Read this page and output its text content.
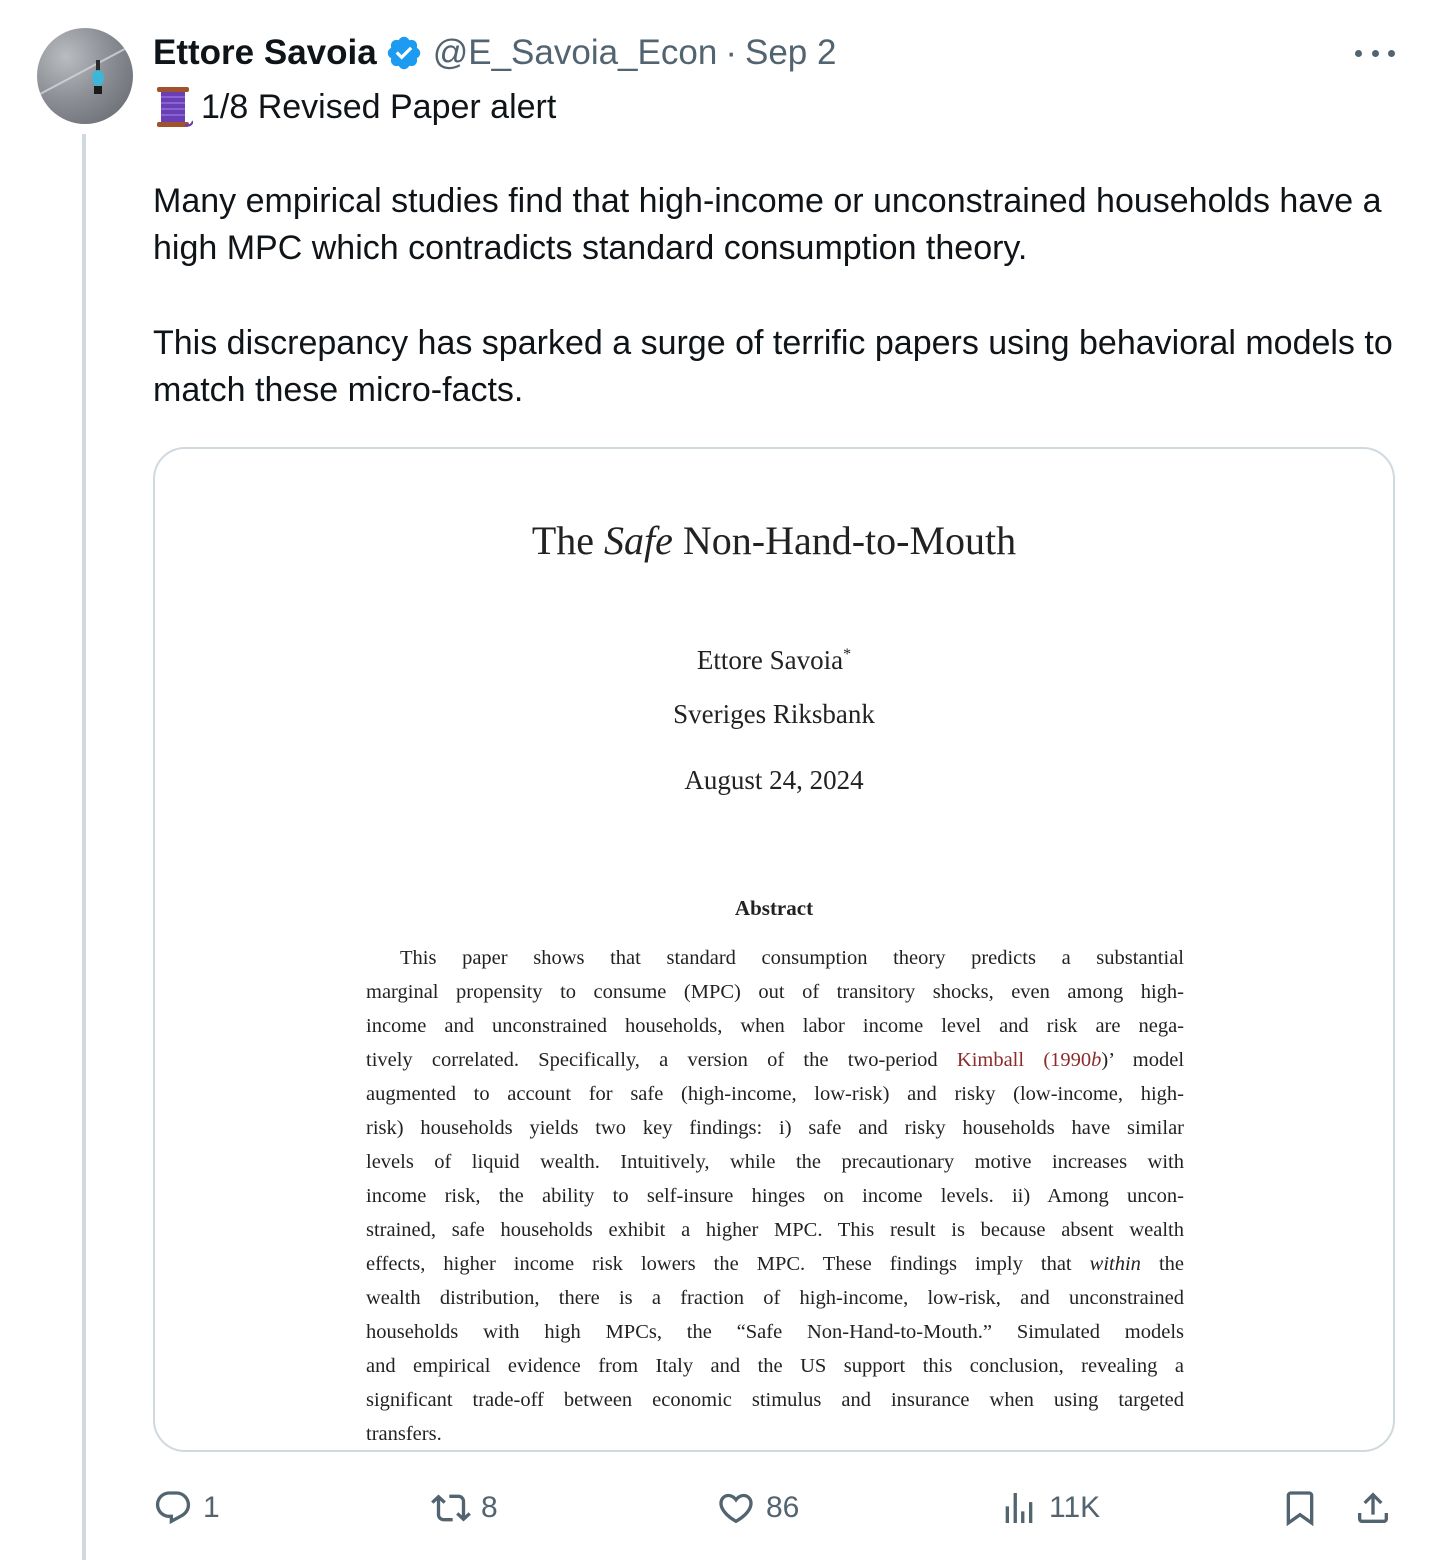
Ettore Savoia @E_Savoia_Econ · Sep 2
1/8 Revised Paper alert

Many empirical studies find that high-income or unconstrained households have a high MPC which contradicts standard consumption theory.

This discrepancy has sparked a surge of terrific papers using behavioral models to match these micro-facts.

The Safe Non-Hand-to-Mouth
Ettore Savoia*
Sveriges Riksbank
August 24, 2024
Abstract
This paper shows that standard consumption theory predicts a substantial
marginal propensity to consume (MPC) out of transitory shocks, even among high-
income and unconstrained households, when labor income level and risk are nega-
tively correlated. Specifically, a version of the two-period Kimball (1990b)’ model
augmented to account for safe (high-income, low-risk) and risky (low-income, high-
risk) households yields two key findings: i) safe and risky households have similar
levels of liquid wealth. Intuitively, while the precautionary motive increases with
income risk, the ability to self-insure hinges on income levels. ii) Among uncon-
strained, safe households exhibit a higher MPC. This result is because absent wealth
effects, higher income risk lowers the MPC. These findings imply that within the
wealth distribution, there is a fraction of high-income, low-risk, and unconstrained
households with high MPCs, the “Safe Non-Hand-to-Mouth.” Simulated models
and empirical evidence from Italy and the US support this conclusion, revealing a
significant trade-off between economic stimulus and insurance when using targeted
transfers.
1	8	86	11K
